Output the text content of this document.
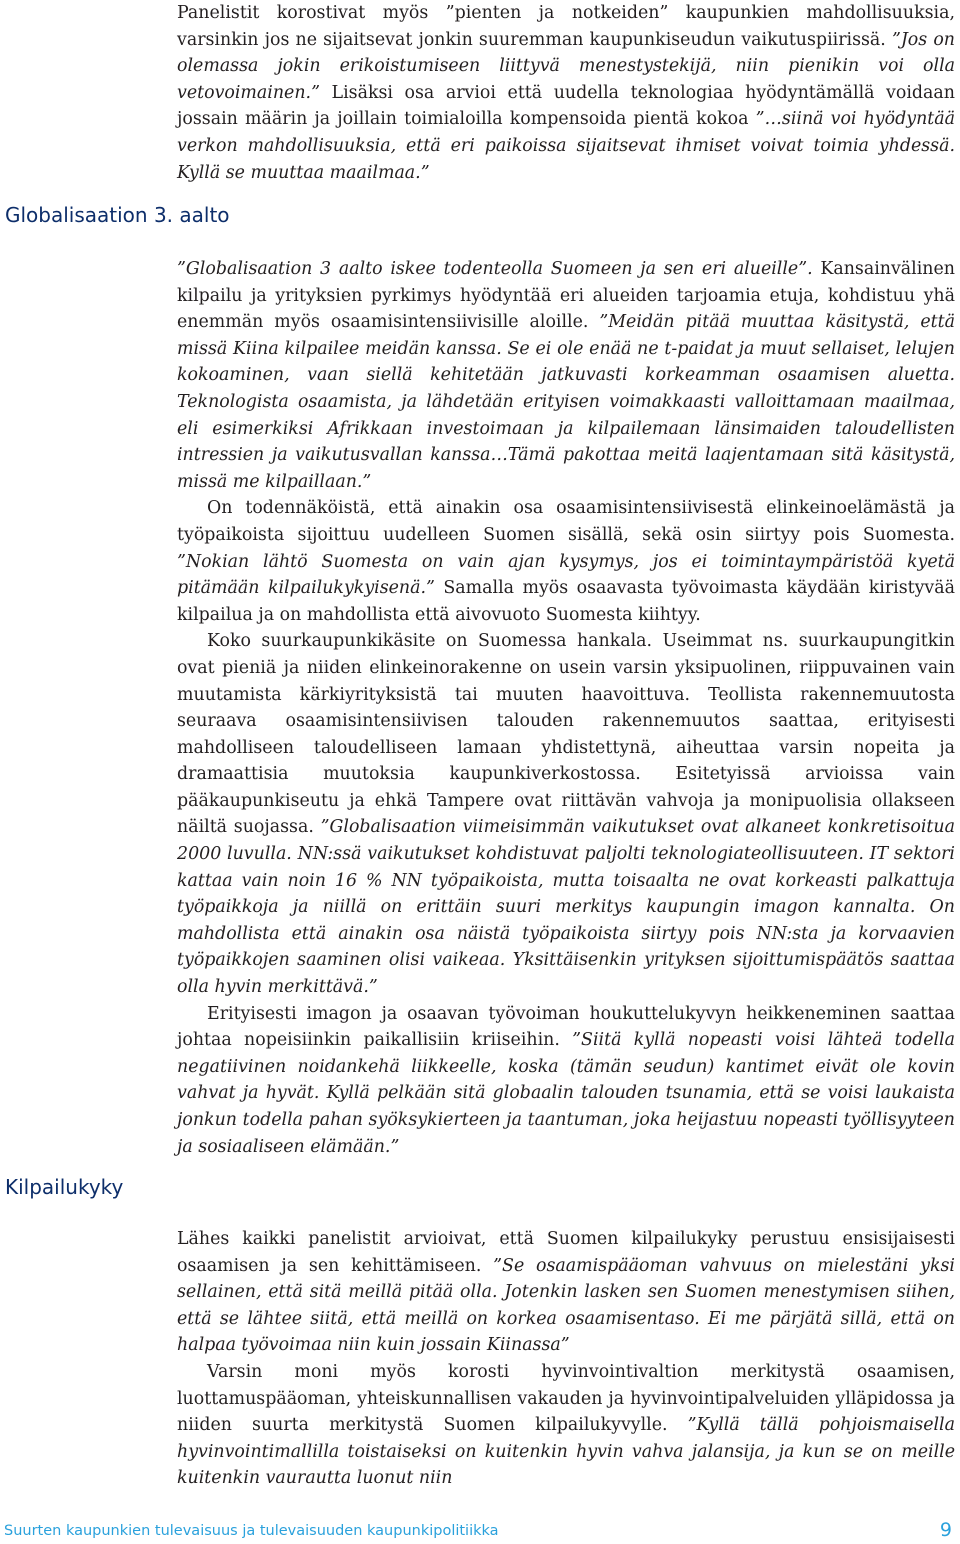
Panelistit korostivat myös ”pienten ja notkeiden” kaupunkien mahdollisuuksia, varsinkin jos ne sijaitsevat jonkin suuremman kaupunkiseudun vaikutuspiirissä. ”Jos on olemassa jokin erikoistumiseen liittyvä menestystekijä, niin pienikin voi olla vetovoimainen.” Lisäksi osa arvioi että uudella teknologiaa hyödyntämällä voidaan jossain määrin ja joillain toimialoilla kompensoida pientä kokoa ”…siinä voi hyödyntää verkon mahdollisuuksia, että eri paikoissa sijaitsevat ihmiset voivat toimia yhdessä. Kyllä se muuttaa maailmaa.”

Globalisaation 3. aalto

”Globalisaation 3 aalto iskee todenteolla Suomeen ja sen eri alueille”. Kansainvälinen kilpailu ja yrityksien pyrkimys hyödyntää eri alueiden tarjoamia etuja, kohdistuu yhä enemmän myös osaamisintensiivisille aloille. ”Meidän pitää muuttaa käsitystä, että missä Kiina kilpailee meidän kanssa. Se ei ole enää ne t-paidat ja muut sellaiset, lelujen kokoaminen, vaan siellä kehitetään jatkuvasti korkeamman osaamisen aluetta. Teknologista osaamista, ja lähdetään erityisen voimakkaasti valloittamaan maailmaa, eli esimerkiksi Afrikkaan investoimaan ja kilpailemaan länsimaiden taloudellisten intressien ja vaikutusvallan kanssa…Tämä pakottaa meitä laajentamaan sitä käsitystä, missä me kilpaillaan.”

On todennäköistä, että ainakin osa osaamisintensiivisestä elinkeinoelämästä ja työpaikoista sijoittuu uudelleen Suomen sisällä, sekä osin siirtyy pois Suomesta. ”Nokian lähtö Suomesta on vain ajan kysymys, jos ei toimintaympäristöä kyetä pitämään kilpailukykyisenä.” Samalla myös osaavasta työvoimasta käydään kiristyvää kilpailua ja on mahdollista että aivovuoto Suomesta kiihtyy.

Koko suurkaupunkikäsite on Suomessa hankala. Useimmat ns. suurkaupungitkin ovat pieniä ja niiden elinkeinorakenne on usein varsin yksipuolinen, riippuvainen vain muutamista kärkiyrityksistä tai muuten haavoittuva. Teollista rakennemuutosta seuraava osaamisintensiivisen talouden rakennemuutos saattaa, erityisesti mahdolliseen taloudelliseen lamaan yhdistettynä, aiheuttaa varsin nopeita ja dramaattisia muutoksia kaupunkiverkostossa. Esitetyissä arvioissa vain pääkaupunkiseutu ja ehkä Tampere ovat riittävän vahvoja ja monipuolisia ollakseen näiltä suojassa. ”Globalisaation viimeisimmän vaikutukset ovat alkaneet konkretisoitua 2000 luvulla. NN:ssä vaikutukset kohdistuvat paljolti teknologiateollisuuteen. IT sektori kattaa vain noin 16 % NN työpaikoista, mutta toisaalta ne ovat korkeasti palkattuja työpaikkoja ja niillä on erittäin suuri merkitys kaupungin imagon kannalta. On mahdollista että ainakin osa näistä työpaikoista siirtyy pois NN:sta ja korvaavien työpaikkojen saaminen olisi vaikeaa. Yksittäisenkin yrityksen sijoittumispäätös saattaa olla hyvin merkittävä.”

Erityisesti imagon ja osaavan työvoiman houkuttelukyvyn heikkeneminen saattaa johtaa nopeisiinkin paikallisiin kriiseihin. ”Siitä kyllä nopeasti voisi lähteä todella negatiivinen noidankehä liikkeelle, koska (tämän seudun) kantimet eivät ole kovin vahvat ja hyvät. Kyllä pelkään sitä globaalin talouden tsunamia, että se voisi laukaista jonkun todella pahan syöksykierteen ja taantuman, joka heijastuu nopeasti työllisyyteen ja sosiaaliseen elämään.”

Kilpailukyky

Lähes kaikki panelistit arvioivat, että Suomen kilpailukyky perustuu ensisijaisesti osaamisen ja sen kehittämiseen. ”Se osaamispääoman vahvuus on mielestäni yksi sellainen, että sitä meillä pitää olla. Jotenkin lasken sen Suomen menestymisen siihen, että se lähtee siitä, että meillä on korkea osaamisentaso. Ei me pärjätä sillä, että on halpaa työvoimaa niin kuin jossain Kiinassa”

Varsin moni myös korosti hyvinvointivaltion merkitystä osaamisen, luottamuspääoman, yhteiskunnallisen vakauden ja hyvinvointipalveluiden ylläpidossa ja niiden suurta merkitystä Suomen kilpailukyvylle. ”Kyllä tällä pohjoismaisella hyvinvointimallilla toistaiseksi on kuitenkin hyvin vahva jalansija, ja kun se on meille kuitenkin vaurautta luonut niin

Suurten kaupunkien tulevaisuus ja tulevaisuuden kaupunkipolitiikka	9
